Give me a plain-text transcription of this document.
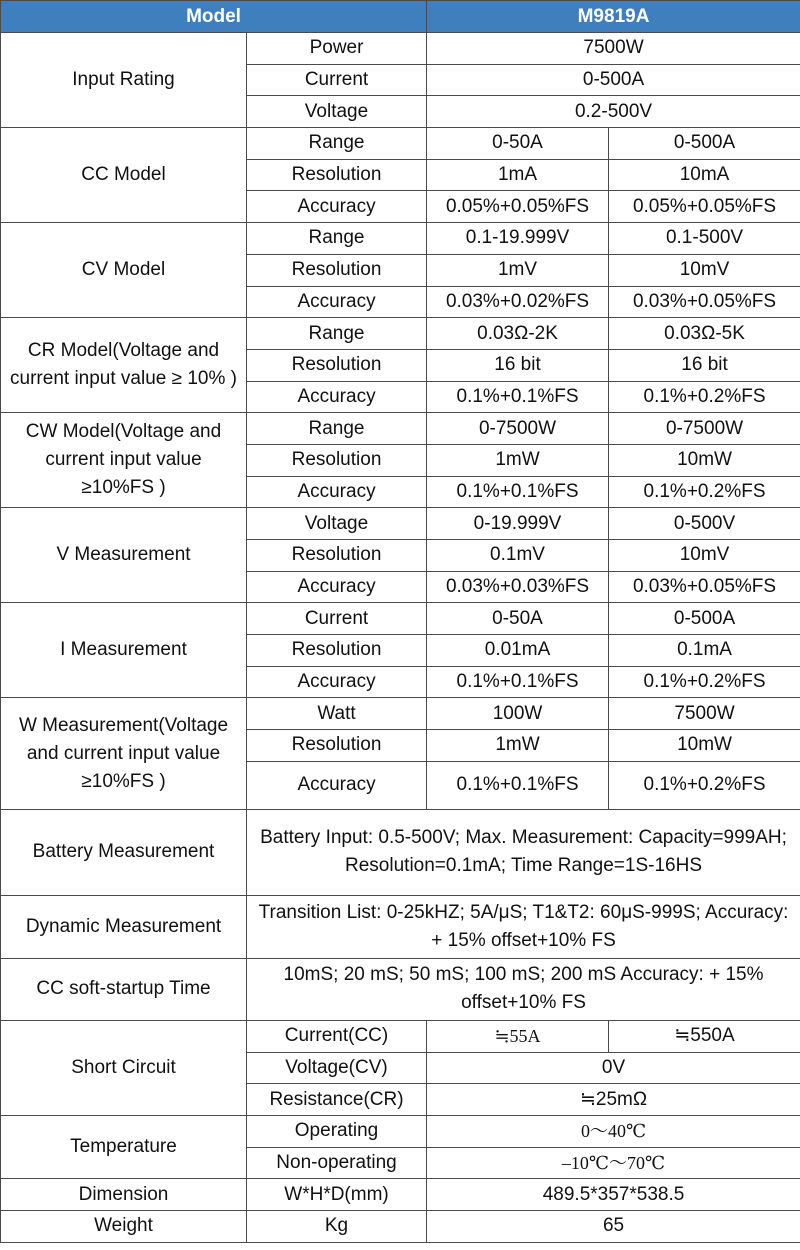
Model		M9819A	
Input Rating	Power	7500W	
	Current	0-500A	
	Voltage	0.2-500V	
CC Model	Range	0-50A	0-500A
	Resolution	1mA	10mA
	Accuracy	0.05%+0.05%FS	0.05%+0.05%FS
CV Model	Range	0.1-19.999V	0.1-500V
	Resolution	1mV	10mV
	Accuracy	0.03%+0.02%FS	0.03%+0.05%FS
CR Model(Voltage and current input value ≥ 10% )	Range	0.03Ω-2K	0.03Ω-5K
	Resolution	16 bit	16 bit
	Accuracy	0.1%+0.1%FS	0.1%+0.2%FS
CW Model(Voltage and current input value ≥10%FS )	Range	0-7500W	0-7500W
	Resolution	1mW	10mW
	Accuracy	0.1%+0.1%FS	0.1%+0.2%FS
V Measurement	Voltage	0-19.999V	0-500V
	Resolution	0.1mV	10mV
	Accuracy	0.03%+0.03%FS	0.03%+0.05%FS
I Measurement	Current	0-50A	0-500A
	Resolution	0.01mA	0.1mA
	Accuracy	0.1%+0.1%FS	0.1%+0.2%FS
W Measurement(Voltage and current input value ≥10%FS )	Watt	100W	7500W
	Resolution	1mW	10mW
	Accuracy	0.1%+0.1%FS	0.1%+0.2%FS
Battery Measurement	Battery Input: 0.5-500V; Max. Measurement: Capacity=999AH; Resolution=0.1mA; Time Range=1S-16HS		
Dynamic Measurement	Transition List: 0-25kHZ; 5A/μS; T1&T2: 60μS-999S; Accuracy: + 15% offset+10% FS		
CC soft-startup Time	10mS; 20 mS; 50 mS; 100 mS; 200 mS Accuracy: + 15% offset+10% FS		
Short Circuit	Current(CC)	≒55A	≒550A
	Voltage(CV)	0V	
	Resistance(CR)	≒25mΩ	
Temperature	Operating	0～40℃	
	Non-operating	–10℃～70℃	
Dimension	W*H*D(mm)	489.5*357*538.5	
Weight	Kg	65	
